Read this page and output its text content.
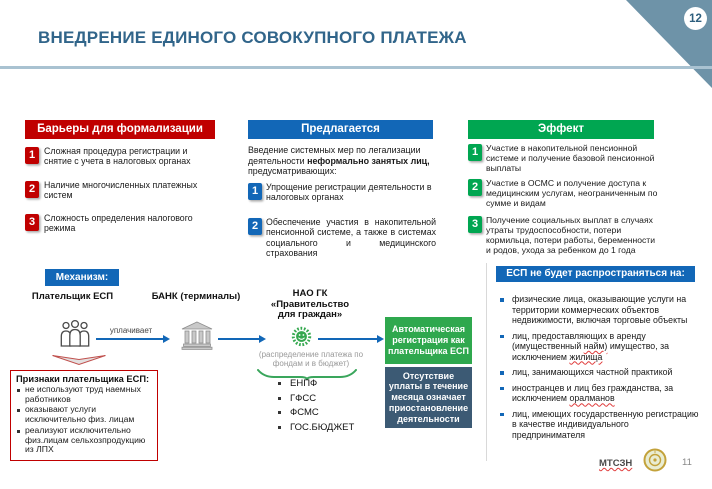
12
ВНЕДРЕНИЕ ЕДИНОГО СОВОКУПНОГО ПЛАТЕЖА
Барьеры для формализации	Предлагается	Эффект
1	Сложная процедура регистрации и снятие с учета в налоговых органах
2	Наличие многочисленных платежных систем
3	Сложность определения налогового режима
Введение системных мер по легализации деятельности неформально занятых лиц, предусматривающих:
1 Упрощение регистрации деятельности в налоговых органах
2 Обеспечение участия в накопительной пенсионной системе, а также в системах социального и медицинского страхования
1 Участие в накопительной пенсионной системе и получение базовой пенсионной выплаты
2 Участие в ОСМС и получение доступа к медицинским услугам, неограниченным по сумме и видам
3 Получение социальных выплат в случаях утраты трудоспособности, потери кормильца, потери работы, беременности и родов, ухода за ребенком до 1 года
Механизм:
Плательщик ЕСП	БАНК (терминалы)	НАО ГК «Правительство для граждан»
уплачивает
(распределение платежа по фондам и в бюджет)
ЕНПФ
ГФСС
ФСМС
ГОС.БЮДЖЕТ
Автоматическая регистрация как плательщика ЕСП
Отсутствие уплаты в течение месяца означает приостановление деятельности
Признаки плательщика ЕСП:
не используют труд наемных работников
оказывают услуги исключительно физ. лицам
реализуют исключительно физ.лицам сельхозпродукцию из ЛПХ
ЕСП не будет распространяться на:
физические лица, оказывающие услуги на территории коммерческих объектов недвижимости, включая торговые объекты
лиц, предоставляющих в аренду (имущественный найм) имущество, за исключением жилища
лиц, занимающихся частной практикой
иностранцев и лиц без гражданства, за исключением оралманов
лиц, имеющих государственную регистрацию в качестве индивидуального предпринимателя
МТСЗН	11
